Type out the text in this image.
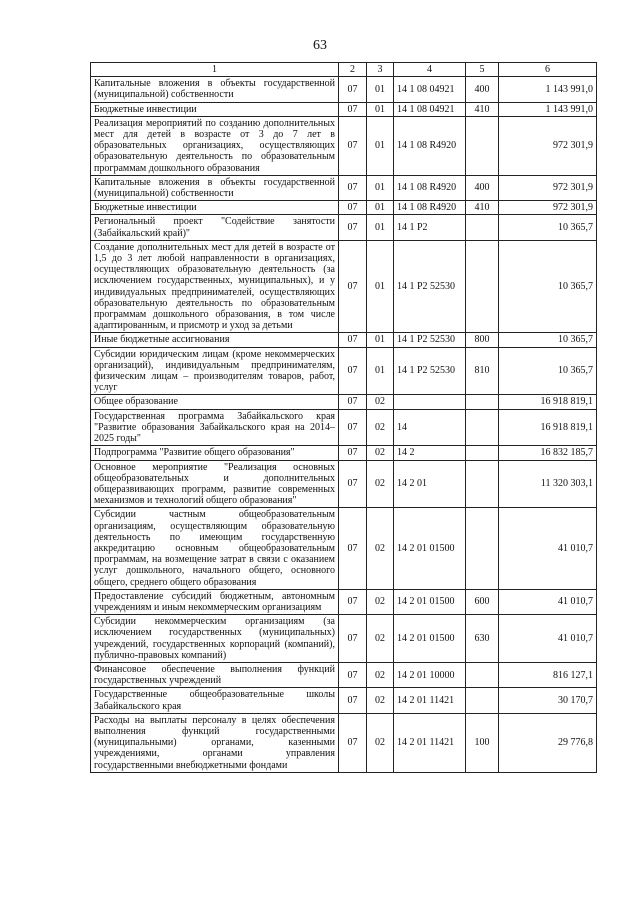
63
1	2	3	4	5	6
Капитальные вложения в объекты государственной (муниципальной) собственности	07	01	14 1 08 04921	400	1 143 991,0
Бюджетные инвестиции	07	01	14 1 08 04921	410	1 143 991,0
Реализация мероприятий по созданию дополнительных мест для детей в возрасте от 3 до 7 лет в образовательных организациях, осуществляющих образовательную деятельность по образовательным программам дошкольного образования	07	01	14 1 08 R4920		972 301,9
Капитальные вложения в объекты государственной (муниципальной) собственности	07	01	14 1 08 R4920	400	972 301,9
Бюджетные инвестиции	07	01	14 1 08 R4920	410	972 301,9
Региональный проект "Содействие занятости (Забайкальский край)"	07	01	14 1 P2		10 365,7
Создание дополнительных мест для детей в возрасте от 1,5 до 3 лет любой направленности в организациях, осуществляющих образовательную деятельность (за исключением государственных, муниципальных), и у индивидуальных предпринимателей, осуществляющих образовательную деятельность по образовательным программам дошкольного образования, в том числе адаптированным, и присмотр и уход за детьми	07	01	14 1 P2 52530		10 365,7
Иные бюджетные ассигнования	07	01	14 1 P2 52530	800	10 365,7
Субсидии юридическим лицам (кроме некоммерческих организаций), индивидуальным предпринимателям, физическим лицам – производителям товаров, работ, услуг	07	01	14 1 P2 52530	810	10 365,7
Общее образование	07	02			16 918 819,1
Государственная программа Забайкальского края "Развитие образования Забайкальского края на 2014–2025 годы"	07	02	14		16 918 819,1
Подпрограмма "Развитие общего образования"	07	02	14 2		16 832 185,7
Основное мероприятие "Реализация основных общеобразовательных и дополнительных общеразвивающих программ, развитие современных механизмов и технологий общего образования"	07	02	14 2 01		11 320 303,1
Субсидии частным общеобразовательным организациям, осуществляющим образовательную деятельность по имеющим государственную аккредитацию основным общеобразовательным программам, на возмещение затрат в связи с оказанием услуг дошкольного, начального общего, основного общего, среднего общего образования	07	02	14 2 01 01500		41 010,7
Предоставление субсидий бюджетным, автономным учреждениям и иным некоммерческим организациям	07	02	14 2 01 01500	600	41 010,7
Субсидии некоммерческим организациям (за исключением государственных (муниципальных) учреждений, государственных корпораций (компаний), публично-правовых компаний)	07	02	14 2 01 01500	630	41 010,7
Финансовое обеспечение выполнения функций государственных учреждений	07	02	14 2 01 10000		816 127,1
Государственные общеобразовательные школы Забайкальского края	07	02	14 2 01 11421		30 170,7
Расходы на выплаты персоналу в целях обеспечения выполнения функций государственными (муниципальными) органами, казенными учреждениями, органами управления государственными внебюджетными фондами	07	02	14 2 01 11421	100	29 776,8
